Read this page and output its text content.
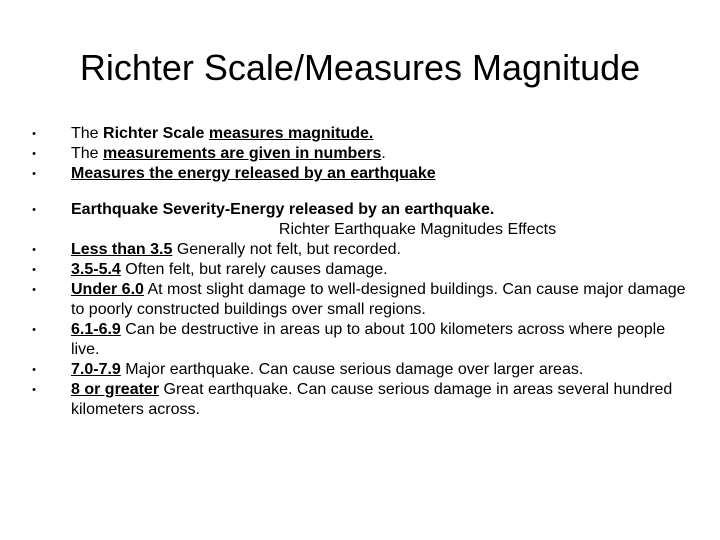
Richter Scale/Measures Magnitude
• The Richter Scale measures magnitude.
• The measurements are given in numbers.
• Measures the energy released by an earthquake
• Earthquake Severity-Energy released by an earthquake.
Richter Earthquake Magnitudes Effects
• Less than 3.5 Generally not felt, but recorded.
• 3.5-5.4 Often felt, but rarely causes damage.
• Under 6.0 At most slight damage to well-designed buildings. Can cause major damage to poorly constructed buildings over small regions.
• 6.1-6.9 Can be destructive in areas up to about 100 kilometers across where people live.
• 7.0-7.9 Major earthquake. Can cause serious damage over larger areas.
• 8 or greater Great earthquake. Can cause serious damage in areas several hundred kilometers across.
